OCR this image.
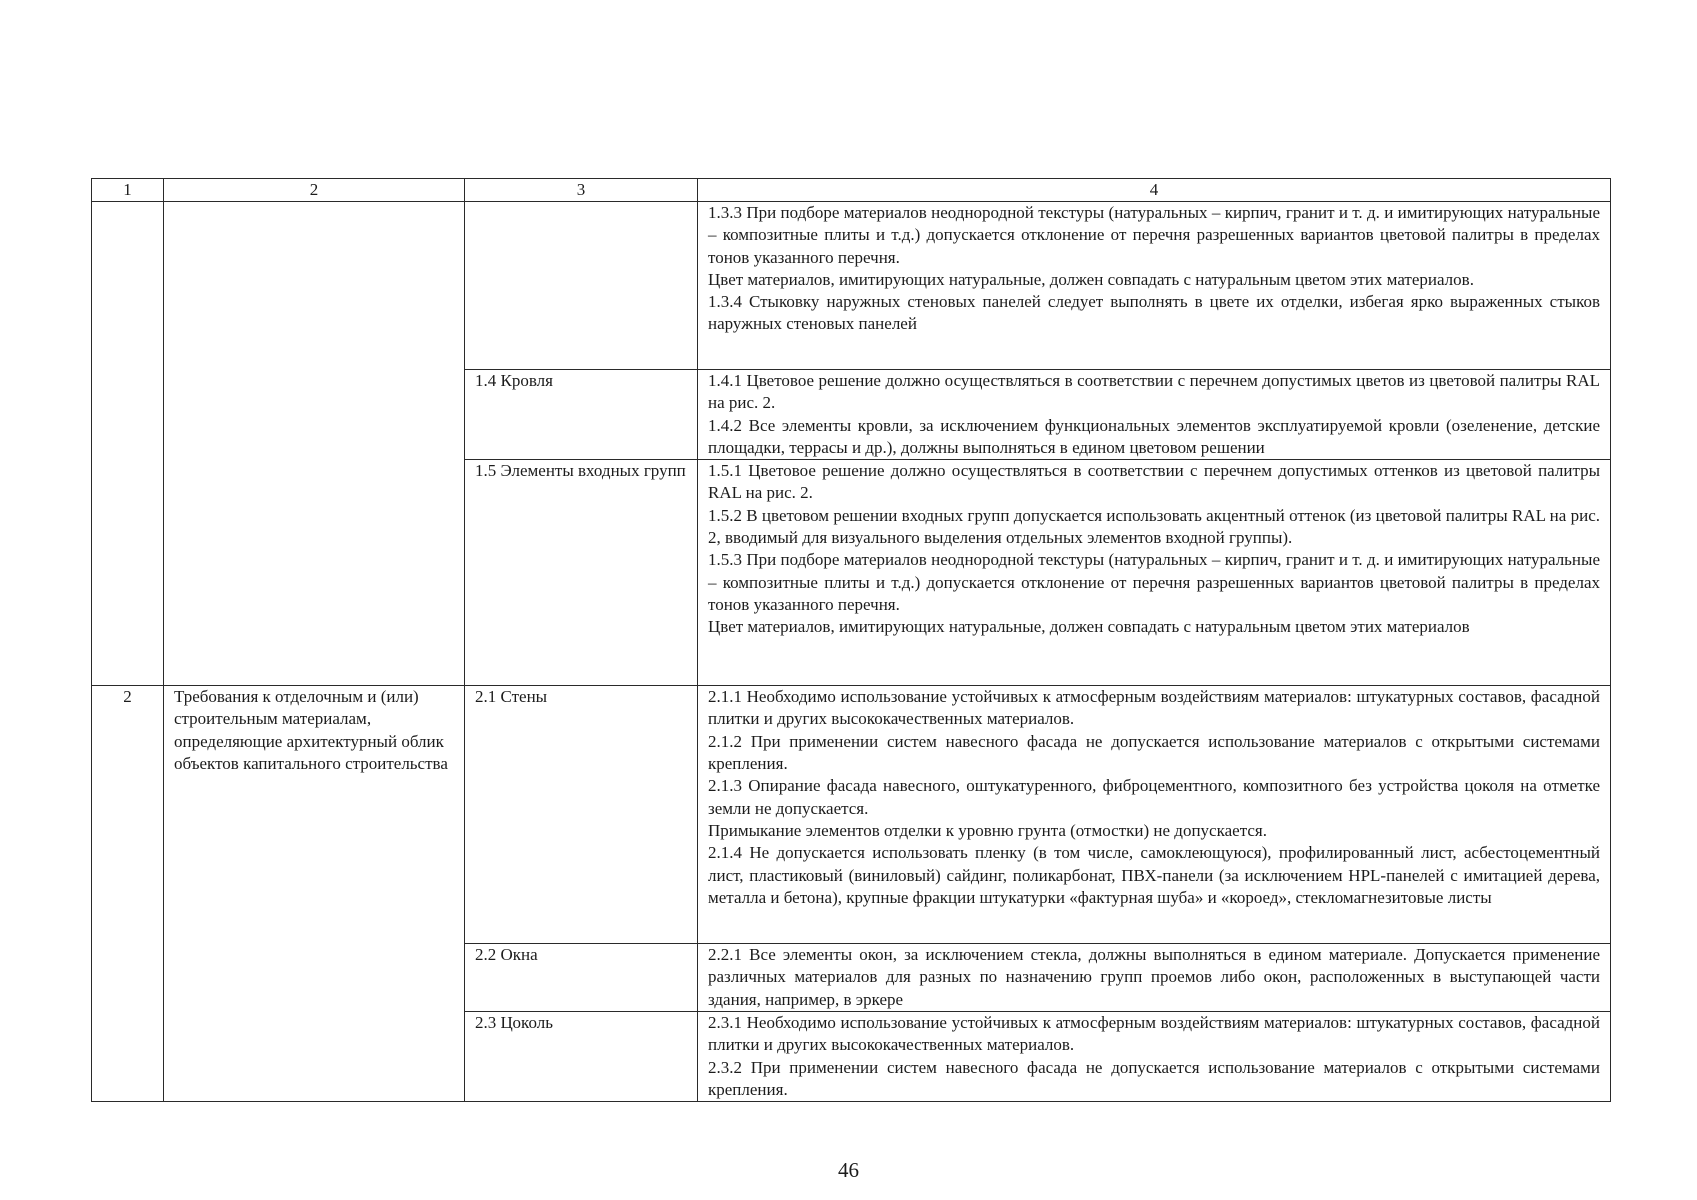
1	2	3	4

			1.3.3 При подборе материалов неоднородной текстуры (натуральных – кирпич, гранит и т. д. и имитирующих натуральные – композитные плиты и т.д.) допускается отклонение от перечня разрешенных вариантов цветовой палитры в пределах тонов указанного перечня.

Цвет материалов, имитирующих натуральные, должен совпадать с натуральным цветом этих материалов.

1.3.4 Стыковку наружных стеновых панелей следует выполнять в цвете их отделки, избегая ярко выраженных стыков наружных стеновых панелей

		1.4 Кровля	1.4.1 Цветовое решение должно осуществляться в соответствии с перечнем допустимых цветов из цветовой палитры RAL на рис. 2.

1.4.2 Все элементы кровли, за исключением функциональных элементов эксплуатируемой кровли (озеленение, детские площадки, террасы и др.), должны выполняться в едином цветовом решении

		1.5 Элементы входных групп	1.5.1 Цветовое решение должно осуществляться в соответствии с перечнем допустимых оттенков из цветовой палитры RAL на рис. 2.

1.5.2 В цветовом решении входных групп допускается использовать акцентный оттенок (из цветовой палитры RAL на рис. 2, вводимый для визуального выделения отдельных элементов входной группы).

1.5.3 При подборе материалов неоднородной текстуры (натуральных – кирпич, гранит и т. д. и имитирующих натуральные – композитные плиты и т.д.) допускается отклонение от перечня разрешенных вариантов цветовой палитры в пределах тонов указанного перечня.

Цвет материалов, имитирующих натуральные, должен совпадать с натуральным цветом этих материалов

2	Требования к отделочным и (или) строительным материалам, определяющие архитектурный облик объектов капитального строительства	2.1 Стены	2.1.1 Необходимо использование устойчивых к атмосферным воздействиям материалов: штукатурных составов, фасадной плитки и других высококачественных материалов.

2.1.2 При применении систем навесного фасада не допускается использование материалов с открытыми системами крепления.

2.1.3 Опирание фасада навесного, оштукатуренного, фиброцементного, композитного без устройства цоколя на отметке земли не допускается.

Примыкание элементов отделки к уровню грунта (отмостки) не допускается.

2.1.4 Не допускается использовать пленку (в том числе, самоклеющуюся), профилированный лист, асбестоцементный лист, пластиковый (виниловый) сайдинг, поликарбонат, ПВХ-панели (за исключением HPL-панелей с имитацией дерева, металла и бетона), крупные фракции штукатурки «фактурная шуба» и «короед», стекломагнезитовые листы

		2.2 Окна	2.2.1 Все элементы окон, за исключением стекла, должны выполняться в едином материале. Допускается применение различных материалов для разных по назначению групп проемов либо окон, расположенных в выступающей части здания, например, в эркере

		2.3 Цоколь	2.3.1 Необходимо использование устойчивых к атмосферным воздействиям материалов: штукатурных составов, фасадной плитки и других высококачественных материалов.

2.3.2 При применении систем навесного фасада не допускается использование материалов с открытыми системами крепления.

46
